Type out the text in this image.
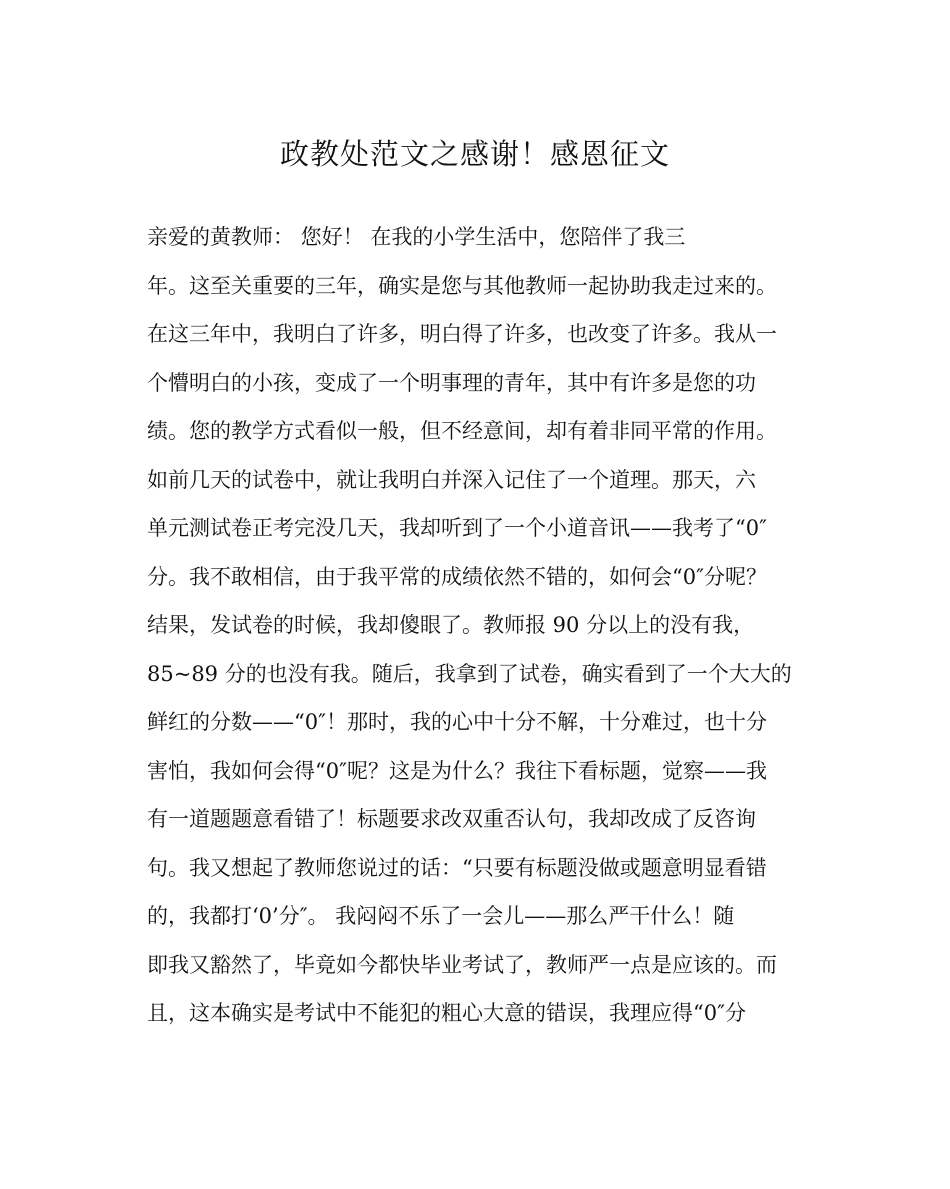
政教处范文之感谢！感恩征文
亲爱的黄教师： 您好！ 在我的小学生活中，您陪伴了我三
年。这至关重要的三年，确实是您与其他教师一起协助我走过来的。
在这三年中，我明白了许多，明白得了许多，也改变了许多。我从一
个懵明白的小孩，变成了一个明事理的青年，其中有许多是您的功
绩。您的教学方式看似一般，但不经意间，却有着非同平常的作用。
如前几天的试卷中，就让我明白并深入记住了一个道理。那天，六
单元测试卷正考完没几天，我却听到了一个小道音讯——我考了“0″
分。我不敢相信，由于我平常的成绩依然不错的，如何会“0″分呢？
结果，发试卷的时候，我却傻眼了。教师报 90 分以上的没有我，
85~89 分的也没有我。随后，我拿到了试卷，确实看到了一个大大的
鲜红的分数——“0″！那时，我的心中十分不解，十分难过，也十分
害怕，我如何会得“0″呢？这是为什么？我往下看标题，觉察——我
有一道题题意看错了！标题要求改双重否认句，我却改成了反咨询
句。我又想起了教师您说过的话：“只要有标题没做或题意明显看错
的，我都打‘0’分″。 我闷闷不乐了一会儿——那么严干什么！随
即我又豁然了，毕竟如今都快毕业考试了，教师严一点是应该的。而
且，这本确实是考试中不能犯的粗心大意的错误，我理应得“0″分
